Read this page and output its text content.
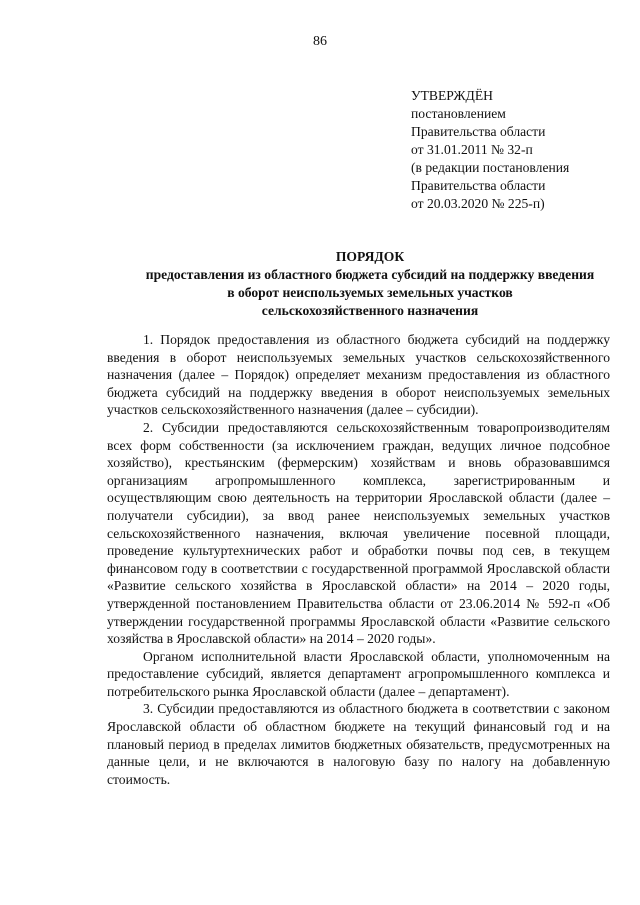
86
УТВЕРЖДЁН
постановлением
Правительства области
от 31.01.2011 № 32-п
(в редакции постановления
Правительства области
от 20.03.2020 № 225-п)
ПОРЯДОК
предоставления из областного бюджета субсидий на поддержку введения
в оборот неиспользуемых земельных участков
сельскохозяйственного назначения

1. Порядок предоставления из областного бюджета субсидий на поддержку введения в оборот неиспользуемых земельных участков сельскохозяйственного назначения (далее – Порядок) определяет механизм предоставления из областного бюджета субсидий на поддержку введения в оборот неиспользуемых земельных участков сельскохозяйственного назначения (далее – субсидии).

2. Субсидии предоставляются сельскохозяйственным товаропроизводителям всех форм собственности (за исключением граждан, ведущих личное подсобное хозяйство), крестьянским (фермерским) хозяйствам и вновь образовавшимся организациям агропромышленного комплекса, зарегистрированным и осуществляющим свою деятельность на территории Ярославской области (далее – получатели субсидии), за ввод ранее неиспользуемых земельных участков сельскохозяйственного назначения, включая увеличение посевной площади, проведение культуртехнических работ и обработки почвы под сев, в текущем финансовом году в соответствии с государственной программой Ярославской области «Развитие сельского хозяйства в Ярославской области» на 2014 – 2020 годы, утвержденной постановлением Правительства области от 23.06.2014 № 592-п «Об утверждении государственной программы Ярославской области «Развитие сельского хозяйства в Ярославской области» на 2014 – 2020 годы».

Органом исполнительной власти Ярославской области, уполномоченным на предоставление субсидий, является департамент агропромышленного комплекса и потребительского рынка Ярославской области (далее – департамент).

3. Субсидии предоставляются из областного бюджета в соответствии с законом Ярославской области об областном бюджете на текущий финансовый год и на плановый период в пределах лимитов бюджетных обязательств, предусмотренных на данные цели, и не включаются в налоговую базу по налогу на добавленную стоимость.
